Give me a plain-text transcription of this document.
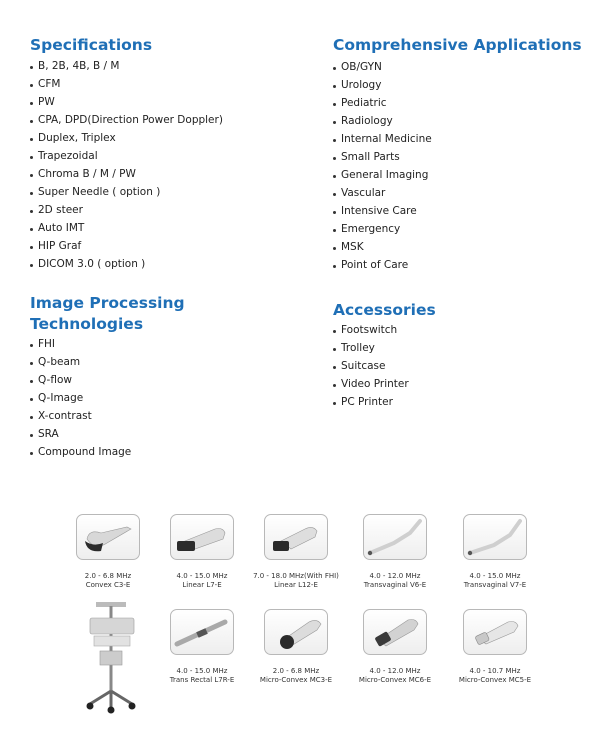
Specifications
B, 2B, 4B, B / M
CFM
PW
CPA, DPD(Direction Power Doppler)
Duplex, Triplex
Trapezoidal
Chroma B / M / PW
Super Needle ( option )
2D steer
Auto IMT
HIP Graf
DICOM 3.0 ( option )
Image Processing
Technologies
FHI
Q-beam
Q-flow
Q-Image
X-contrast
SRA
Compound Image
Comprehensive Applications
OB/GYN
Urology
Pediatric
Radiology
Internal Medicine
Small Parts
General Imaging
Vascular
Intensive Care
Emergency
MSK
Point of Care
Accessories
Footswitch
Trolley
Suitcase
Video Printer
PC Printer
2.0 - 6.8 MHz
Convex C3-E
4.0 - 15.0 MHz
Linear L7-E
7.0 - 18.0 MHz(With FHI)
Linear L12-E
4.0 - 12.0 MHz
Transvaginal V6-E
4.0 - 15.0 MHz
Transvaginal V7-E
4.0 - 15.0 MHz
Trans Rectal L7R-E
2.0 - 6.8 MHz
Micro-Convex MC3-E
4.0 - 12.0 MHz
Micro-Convex MC6-E
4.0 - 10.7 MHz
Micro-Convex MC5-E
